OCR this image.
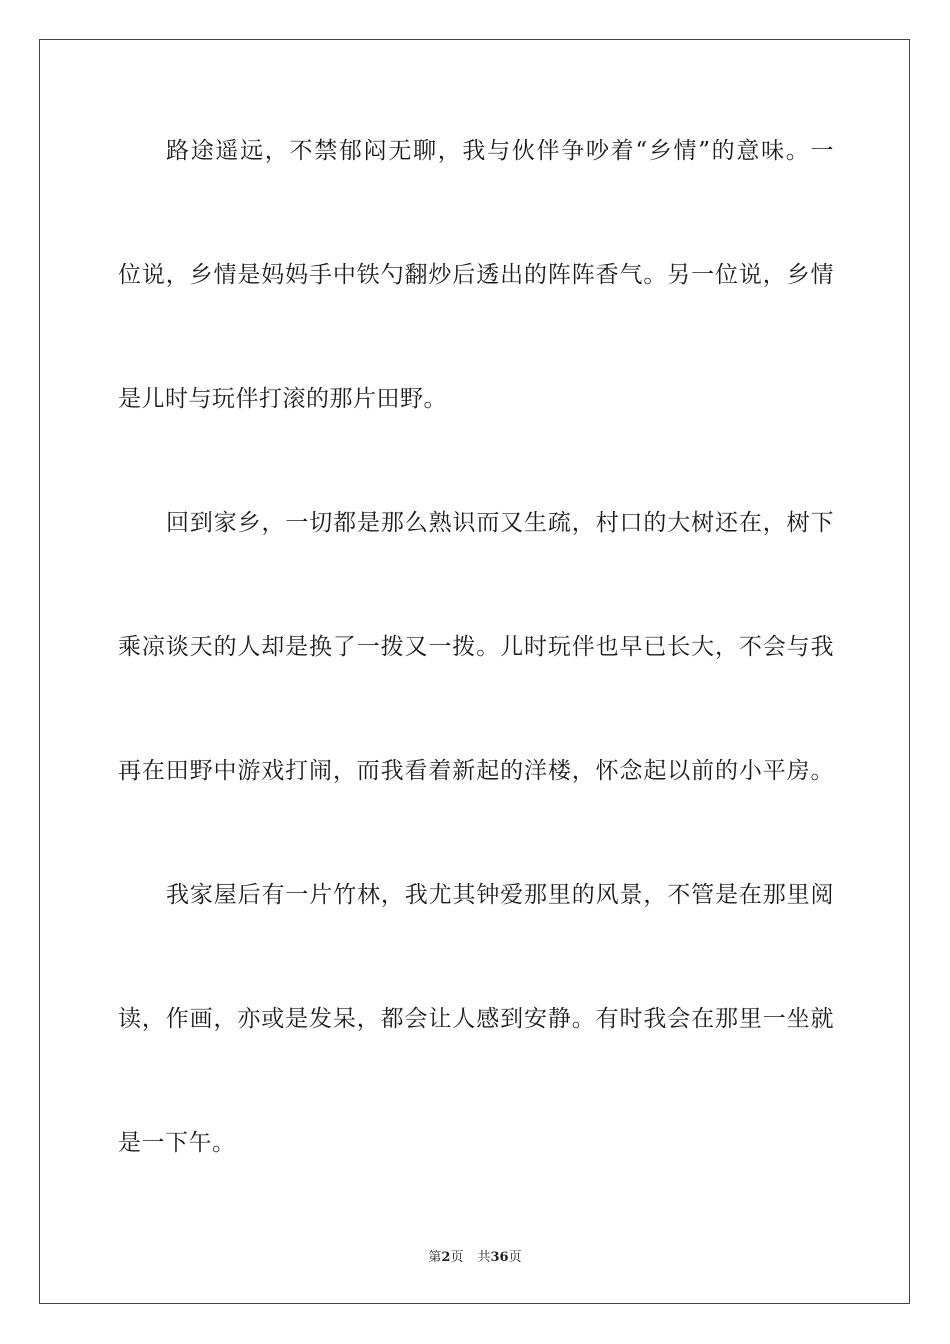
路途遥远，不禁郁闷无聊，我与伙伴争吵着“乡情”的意味。一
位说，乡情是妈妈手中铁勺翻炒后透出的阵阵香气。另一位说，乡情
是儿时与玩伴打滚的那片田野。
回到家乡，一切都是那么熟识而又生疏，村口的大树还在，树下
乘凉谈天的人却是换了一拨又一拨。儿时玩伴也早已长大，不会与我
再在田野中游戏打闹，而我看着新起的洋楼，怀念起以前的小平房。
我家屋后有一片竹林，我尤其钟爱那里的风景，不管是在那里阅
读，作画，亦或是发呆，都会让人感到安静。有时我会在那里一坐就
是一下午。
第2页 共36页
